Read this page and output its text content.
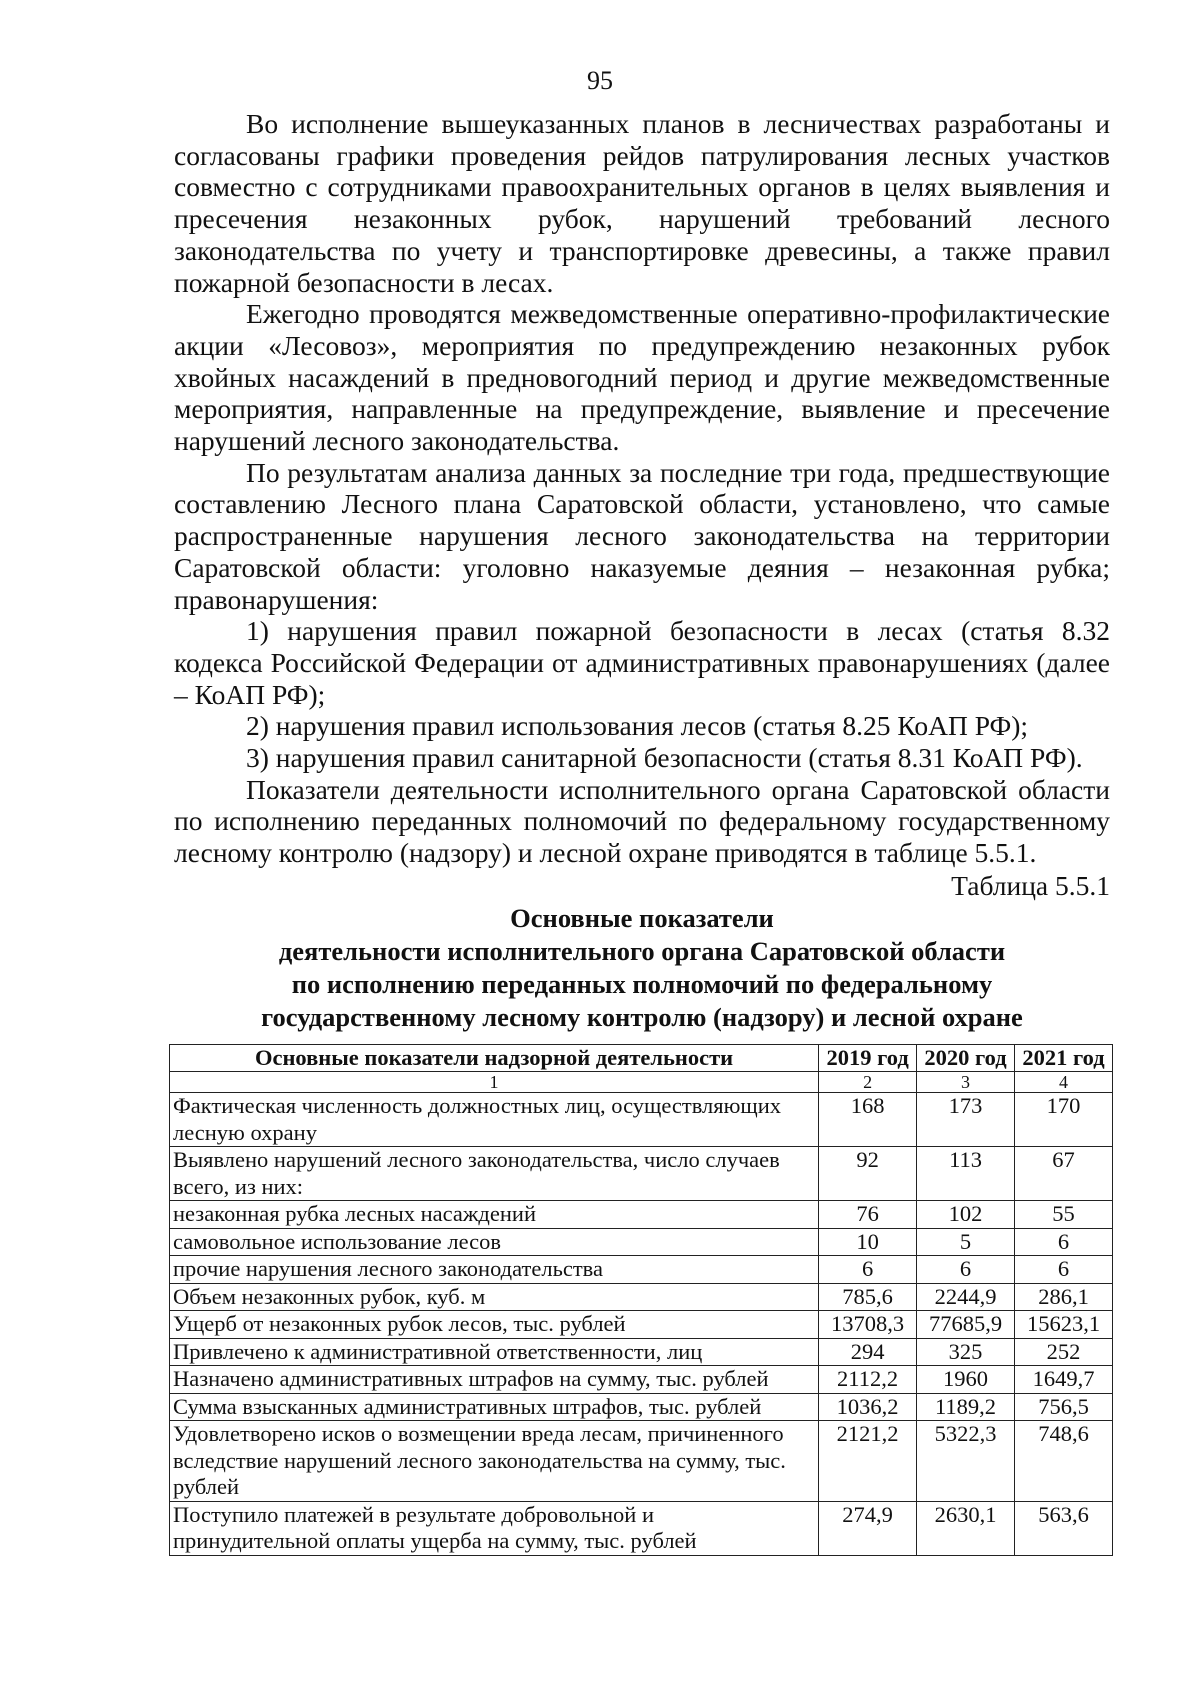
95

Во исполнение вышеуказанных планов в лесничествах разработаны и согласованы графики проведения рейдов патрулирования лесных участков совместно с сотрудниками правоохранительных органов в целях выявления и пресечения незаконных рубок, нарушений требований лесного законодательства по учету и транспортировке древесины, а также правил пожарной безопасности в лесах.

Ежегодно проводятся межведомственные оперативно-профилактические акции «Лесовоз», мероприятия по предупреждению незаконных рубок хвойных насаждений в предновогодний период и другие межведомственные мероприятия, направленные на предупреждение, выявление и пресечение нарушений лесного законодательства.

По результатам анализа данных за последние три года, предшествующие составлению Лесного плана Саратовской области, установлено, что самые распространенные нарушения лесного законодательства на территории Саратовской области: уголовно наказуемые деяния – незаконная рубка; правонарушения:

1) нарушения правил пожарной безопасности в лесах (статья 8.32 кодекса Российской Федерации от административных правонарушениях (далее – КоАП РФ);

2) нарушения правил использования лесов (статья 8.25 КоАП РФ);

3) нарушения правил санитарной безопасности (статья 8.31 КоАП РФ).

Показатели деятельности исполнительного органа Саратовской области по исполнению переданных полномочий по федеральному государственному лесному контролю (надзору) и лесной охране приводятся в таблице 5.5.1.

Таблица 5.5.1
Основные показатели
деятельности исполнительного органа Саратовской области
по исполнению переданных полномочий по федеральному
государственному лесному контролю (надзору) и лесной охране
Основные показатели надзорной деятельности	2019 год	2020 год	2021 год
1	2	3	4
Фактическая численность должностных лиц, осуществляющих лесную охрану	168	173	170
Выявлено нарушений лесного законодательства, число случаев всего, из них:	92	113	67
незаконная рубка лесных насаждений	76	102	55
самовольное использование лесов	10	5	6
прочие нарушения лесного законодательства	6	6	6
Объем незаконных рубок, куб. м	785,6	2244,9	286,1
Ущерб от незаконных рубок лесов, тыс. рублей	13708,3	77685,9	15623,1
Привлечено к административной ответственности, лиц	294	325	252
Назначено административных штрафов на сумму, тыс. рублей	2112,2	1960	1649,7
Сумма взысканных административных штрафов, тыс. рублей	1036,2	1189,2	756,5
Удовлетворено исков о возмещении вреда лесам, причиненного вследствие нарушений лесного законодательства на сумму, тыс. рублей	2121,2	5322,3	748,6
Поступило платежей в результате добровольной и принудительной оплаты ущерба на сумму, тыс. рублей	274,9	2630,1	563,6
